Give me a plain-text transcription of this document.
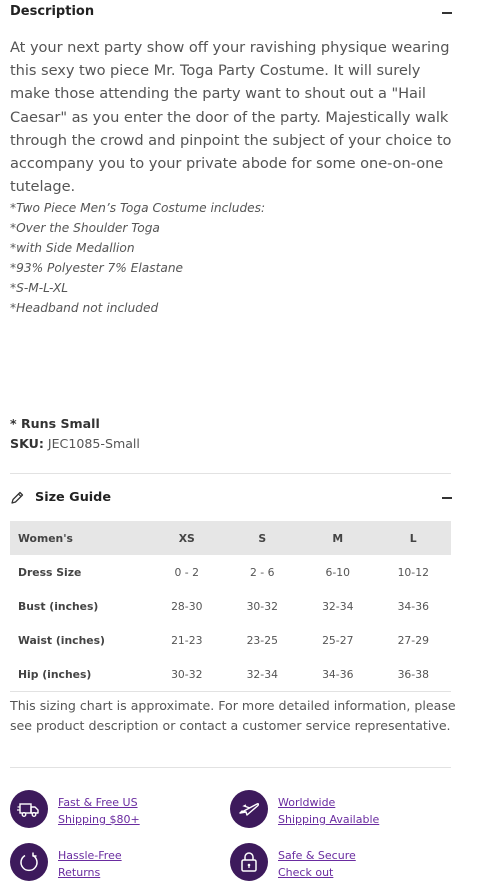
Description
At your next party show off your ravishing physique wearing this sexy two piece Mr. Toga Party Costume. It will surely make those attending the party want to shout out a "Hail Caesar" as you enter the door of the party. Majestically walk through the crowd and pinpoint the subject of your choice to accompany you to your private abode for some one-on-one tutelage.
*Two Piece Men’s Toga Costume includes:
*Over the Shoulder Toga
*with Side Medallion
*93% Polyester 7% Elastane
*S-M-L-XL
*Headband not included
* Runs Small
SKU: JEC1085-Small
Size Guide
Women's	XS	S	M	L
Dress Size	0 - 2	2 - 6	6-10	10-12
Bust (inches)	28-30	30-32	32-34	34-36
Waist (inches)	21-23	23-25	25-27	27-29
Hip (inches)	30-32	32-34	34-36	36-38
This sizing chart is approximate. For more detailed information, please see product description or contact a customer service representative.
Fast & Free US
Shipping $80+
Worldwide
Shipping Available
Hassle-Free
Returns
Safe & Secure
Check out
